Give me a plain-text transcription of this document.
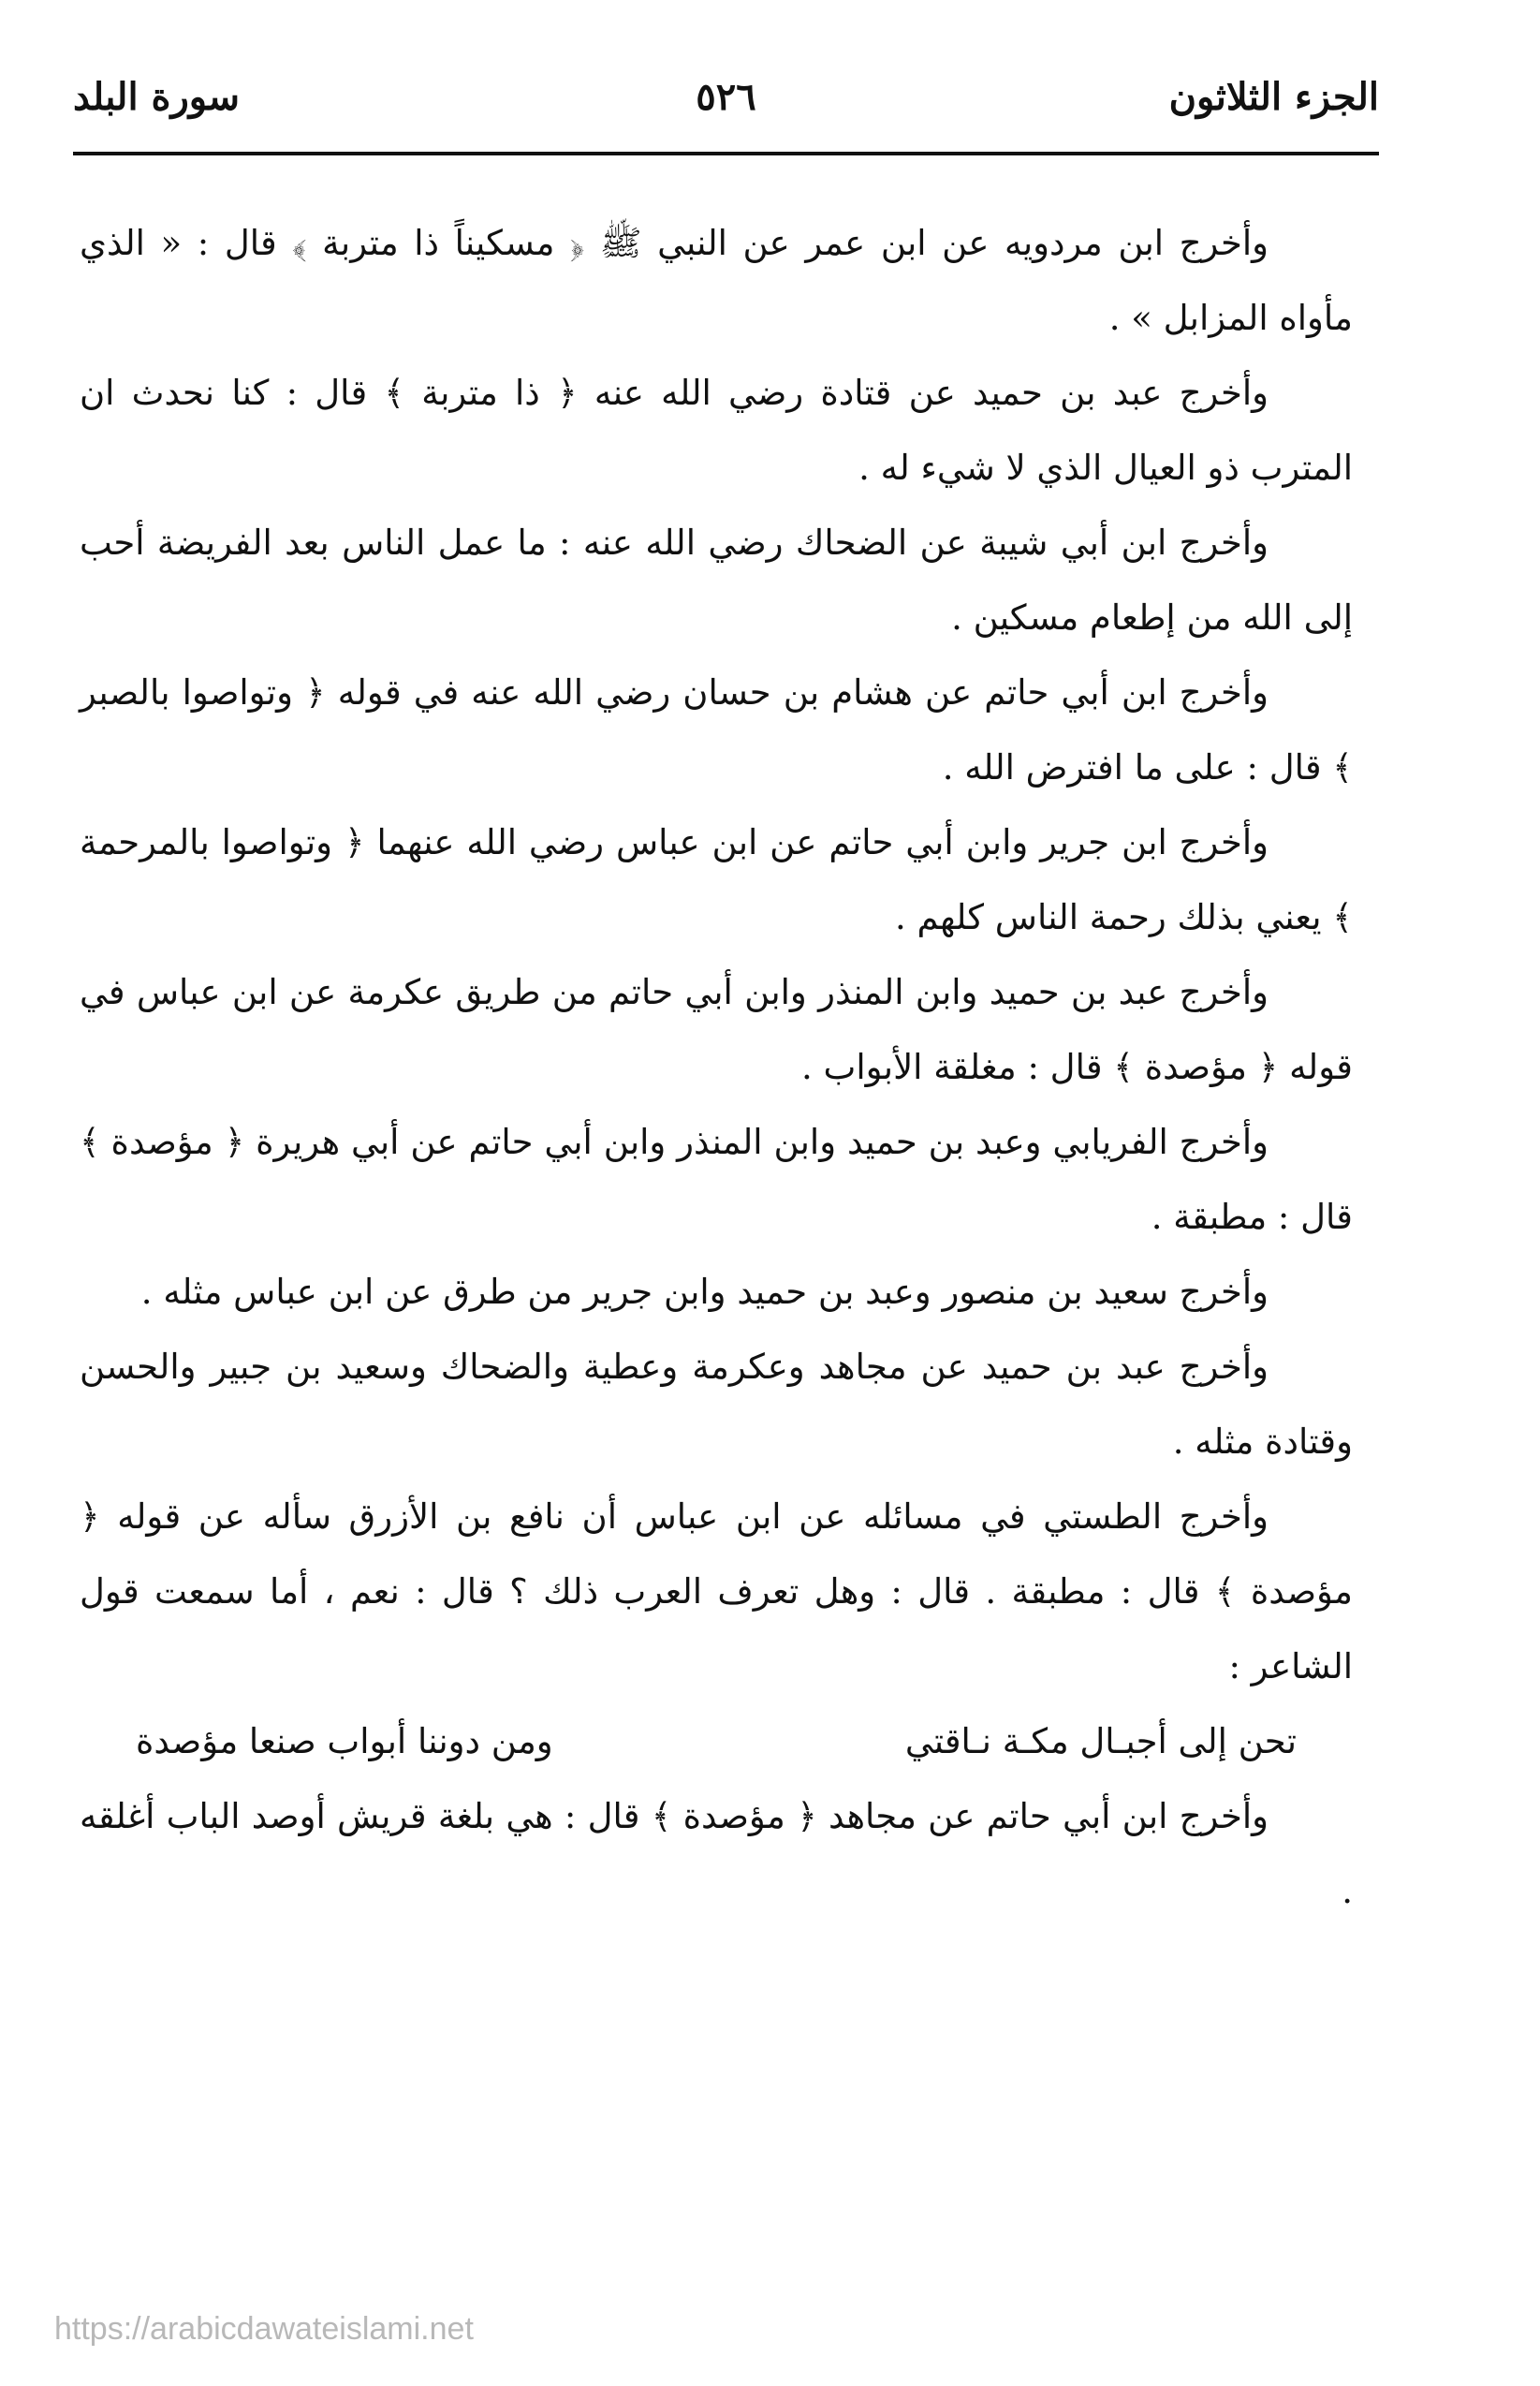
الجزء الثلاثون
٥٢٦
سورة البلد

وأخرج ابن مردويه عن ابن عمر عن النبي ﷺ ﴿ مسكيناً ذا متربة ﴾ قال : « الذي مأواه المزابل » .

وأخرج عبد بن حميد عن قتادة رضي الله عنه ﴿ ذا متربة ﴾ قال : كنا نحدث ان المترب ذو العيال الذي لا شيء له .

وأخرج ابن أبي شيبة عن الضحاك رضي الله عنه : ما عمل الناس بعد الفريضة أحب إلى الله من إطعام مسكين .

وأخرج ابن أبي حاتم عن هشام بن حسان رضي الله عنه في قوله ﴿ وتواصوا بالصبر ﴾ قال : على ما افترض الله .

وأخرج ابن جرير وابن أبي حاتم عن ابن عباس رضي الله عنهما ﴿ وتواصوا بالمرحمة ﴾ يعني بذلك رحمة الناس كلهم .

وأخرج عبد بن حميد وابن المنذر وابن أبي حاتم من طريق عكرمة عن ابن عباس في قوله ﴿ مؤصدة ﴾ قال : مغلقة الأبواب .

وأخرج الفريابي وعبد بن حميد وابن المنذر وابن أبي حاتم عن أبي هريرة ﴿ مؤصدة ﴾ قال : مطبقة .

وأخرج سعيد بن منصور وعبد بن حميد وابن جرير من طرق عن ابن عباس مثله .

وأخرج عبد بن حميد عن مجاهد وعكرمة وعطية والضحاك وسعيد بن جبير والحسن وقتادة مثله .

وأخرج الطستي في مسائله عن ابن عباس أن نافع بن الأزرق سأله عن قوله ﴿ مؤصدة ﴾ قال : مطبقة . قال : وهل تعرف العرب ذلك ؟ قال : نعم ، أما سمعت قول الشاعر :

تحن إلى أجبـال مكـة نـاقتي
ومن دوننا أبواب صنعا مؤصدة

وأخرج ابن أبي حاتم عن مجاهد ﴿ مؤصدة ﴾ قال : هي بلغة قريش أوصد الباب أغلقه .

https://arabicdawateislami.net
